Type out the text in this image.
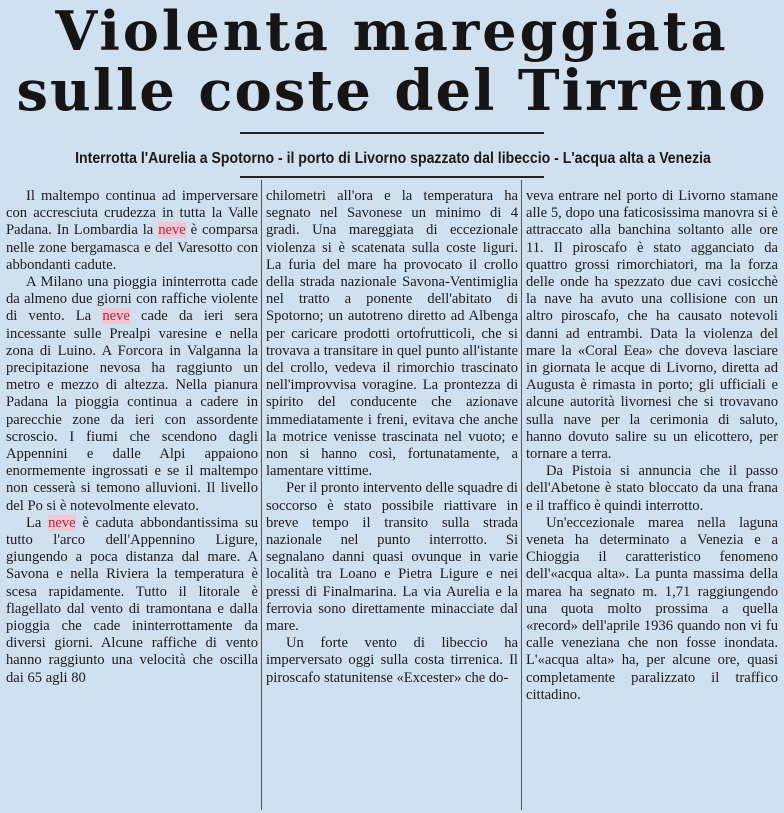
Violenta mareggiata
sulle coste del Tirreno
Interrotta l'Aurelia a Spotorno - il porto di Livorno spazzato dal libeccio - L'acqua alta a Venezia

Il maltempo continua ad imperversare con accresciuta crudezza in tutta la Valle Padana. In Lombardia la neve è comparsa nelle zone bergamasca e del Varesotto con abbondanti cadute.

A Milano una pioggia ininterrotta cade da almeno due giorni con raffiche violente di vento. La neve cade da ieri sera incessante sulle Prealpi varesine e nella zona di Luino. A Forcora in Valganna la precipitazione nevosa ha raggiunto un metro e mezzo di altezza. Nella pianura Padana la pioggia continua a cadere in parecchie zone da ieri con assordente scroscio. I fiumi che scendono dagli Appennini e dalle Alpi appaiono enormemente ingrossati e se il maltempo non cesserà si temono alluvioni. Il livello del Po si è notevolmente elevato.

La neve è caduta abbondantissima su tutto l'arco dell'Appennino Ligure, giungendo a poca distanza dal mare. A Savona e nella Riviera la temperatura è scesa rapidamente. Tutto il litorale è flagellato dal vento di tramontana e dalla pioggia che cade ininterrottamente da diversi giorni. Alcune raffiche di vento hanno raggiunto una velocità che oscilla dai 65 agli 80

chilometri all'ora e la temperatura ha segnato nel Savonese un minimo di 4 gradi. Una mareggiata di eccezionale violenza si è scatenata sulla coste liguri. La furia del mare ha provocato il crollo della strada nazionale Savona-Ventimiglia nel tratto a ponente dell'abitato di Spotorno; un autotreno diretto ad Albenga per caricare prodotti ortofrutticoli, che si trovava a transitare in quel punto all'istante del crollo, vedeva il rimorchio trascinato nell'improvvisa voragine. La prontezza di spirito del conducente che azionave immediatamente i freni, evitava che anche la motrice venisse trascinata nel vuoto; e non si hanno così, fortunatamente, a lamentare vittime.

Per il pronto intervento delle squadre di soccorso è stato possibile riattivare in breve tempo il transito sulla strada nazionale nel punto interrotto. Si segnalano danni quasi ovunque in varie località tra Loano e Pietra Ligure e nei pressi di Finalmarina. La via Aurelia e la ferrovia sono direttamente minacciate dal mare.

Un forte vento di libeccio ha imperversato oggi sulla costa tirrenica. Il piroscafo statunitense «Excester» che do-

veva entrare nel porto di Livorno stamane alle 5, dopo una faticosissima manovra si è attraccato alla banchina soltanto alle ore 11. Il piroscafo è stato agganciato da quattro grossi rimorchiatori, ma la forza delle onde ha spezzato due cavi cosicchè la nave ha avuto una collisione con un altro piroscafo, che ha causato notevoli danni ad entrambi. Data la violenza del mare la «Coral Eea» che doveva lasciare in giornata le acque di Livorno, diretta ad Augusta è rimasta in porto; gli ufficiali e alcune autorità livornesi che si trovavano sulla nave per la cerimonia di saluto, hanno dovuto salire su un elicottero, per tornare a terra.

Da Pistoia si annuncia che il passo dell'Abetone è stato bloccato da una frana e il traffico è quindi interrotto.

Un'eccezionale marea nella laguna veneta ha determinato a Venezia e a Chioggia il caratteristico fenomeno dell'«acqua alta». La punta massima della marea ha segnato m. 1,71 raggiungendo una quota molto prossima a quella «record» dell'aprile 1936 quando non vi fu calle veneziana che non fosse inondata. L'«acqua alta» ha, per alcune ore, quasi completamente paralizzato il traffico cittadino.
